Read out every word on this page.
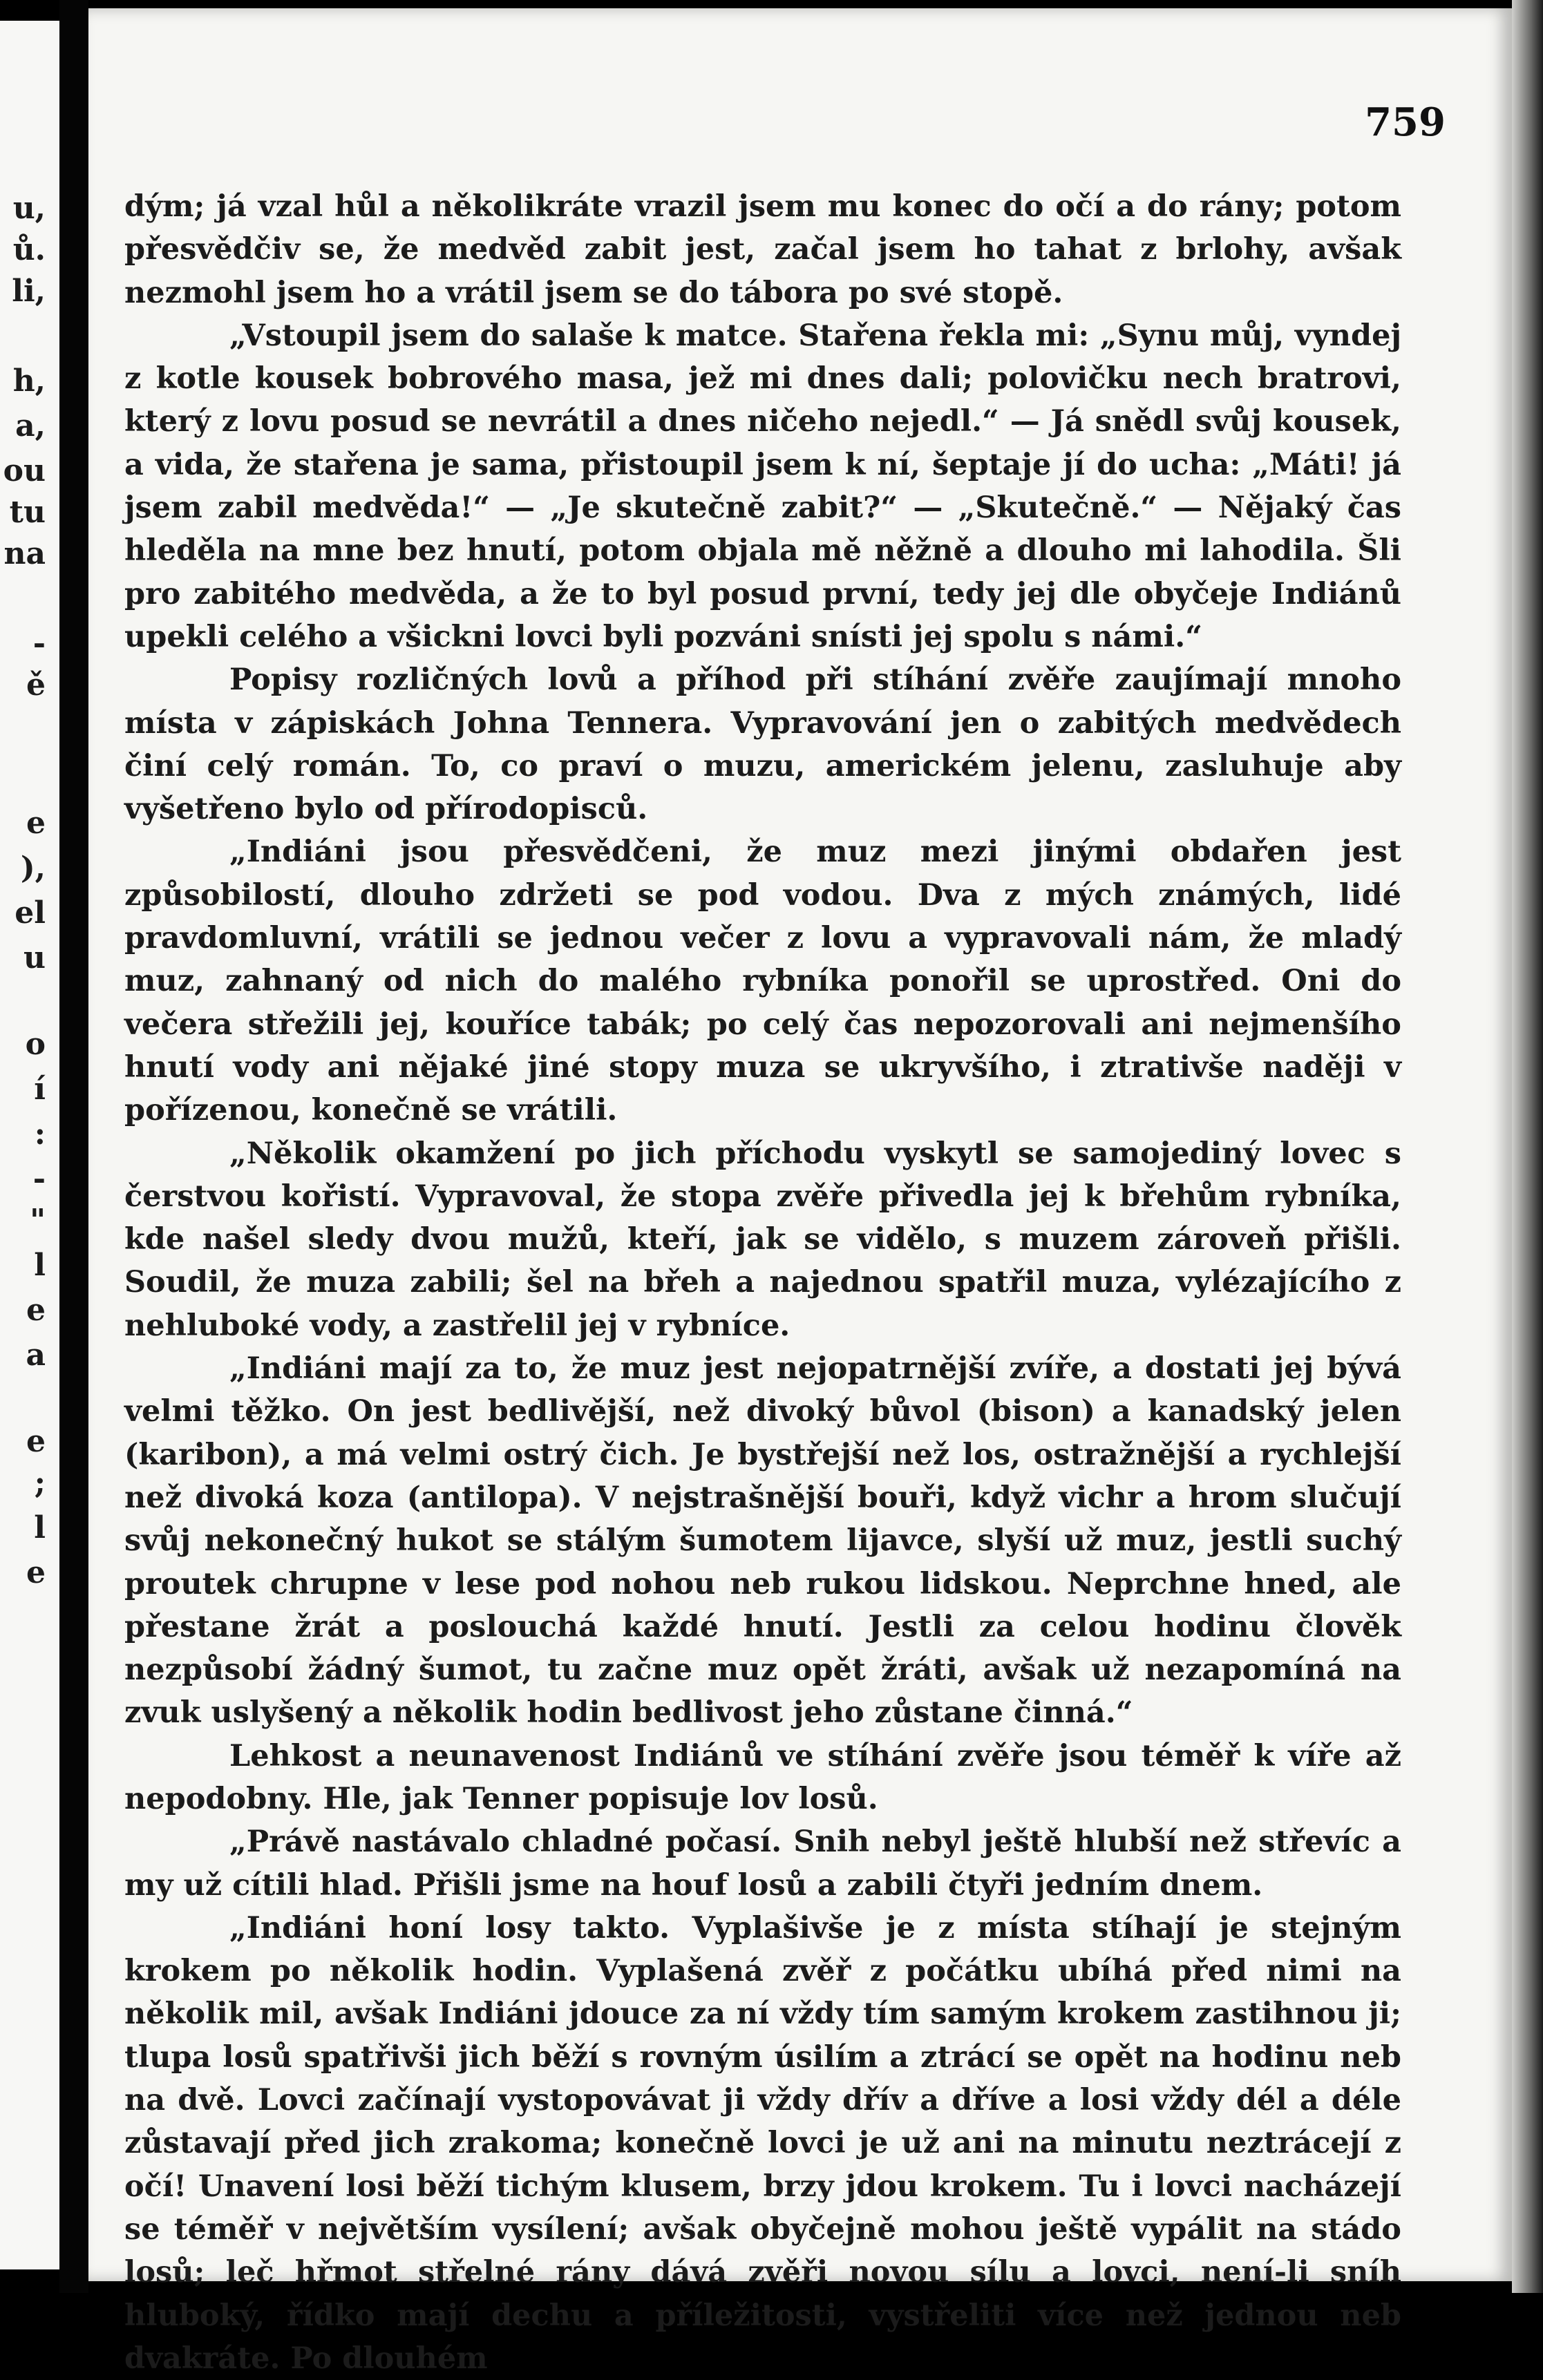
u,
ů.
li,
h,
a,
ou
tu
na
-
ě
e
),
el
u
o
í
:
-
"
l
e
a
e
;
l
e
759

dým; já vzal hůl a několikráte vrazil jsem mu konec do očí a do rány; potom přesvědčiv se, že medvěd zabit jest, začal jsem ho tahat z brlohy, avšak nezmohl jsem ho a vrátil jsem se do tábora po své stopě.

„Vstoupil jsem do salaše k matce. Stařena řekla mi: „Synu můj, vyndej z kotle kousek bobrového masa, jež mi dnes dali; polovičku nech bratrovi, který z lovu posud se nevrátil a dnes ničeho nejedl.“ — Já snědl svůj kousek, a vida, že stařena je sama, přistoupil jsem k ní, šeptaje jí do ucha: „Máti! já jsem zabil medvěda!“ — „Je skutečně zabit?“ — „Skutečně.“ — Nějaký čas hleděla na mne bez hnutí, potom objala mě něžně a dlouho mi lahodila. Šli pro zabitého medvěda, a že to byl posud první, tedy jej dle obyčeje Indiánů upekli celého a všickni lovci byli pozváni snísti jej spolu s námi.“

Popisy rozličných lovů a příhod při stíhání zvěře zaujímají mnoho místa v zápiskách Johna Tennera. Vypravování jen o zabitých medvědech činí celý román. To, co praví o muzu, americkém jelenu, zasluhuje aby vyšetřeno bylo od přírodopisců.

„Indiáni jsou přesvědčeni, že muz mezi jinými obdařen jest způsobilostí, dlouho zdržeti se pod vodou. Dva z mých známých, lidé pravdomluvní, vrátili se jednou večer z lovu a vypravovali nám, že mladý muz, zahnaný od nich do malého rybníka ponořil se uprostřed. Oni do večera střežili jej, kouříce tabák; po celý čas nepozorovali ani nejmenšího hnutí vody ani nějaké jiné stopy muza se ukryvšího, i ztrativše naději v pořízenou, konečně se vrátili.

„Několik okamžení po jich příchodu vyskytl se samojediný lovec s čerstvou kořistí. Vypravoval, že stopa zvěře přivedla jej k břehům rybníka, kde našel sledy dvou mužů, kteří, jak se vidělo, s muzem zároveň přišli. Soudil, že muza zabili; šel na břeh a najednou spatřil muza, vylézajícího z nehluboké vody, a zastřelil jej v rybníce.

„Indiáni mají za to, že muz jest nejopatrnější zvíře, a dostati jej bývá velmi těžko. On jest bedlivější, než divoký bůvol (bison) a kanadský jelen (karibon), a má velmi ostrý čich. Je bystřejší než los, ostražnější a rychlejší než divoká koza (antilopa). V nejstrašnější bouři, když vichr a hrom slučují svůj nekonečný hukot se stálým šumotem lijavce, slyší už muz, jestli suchý proutek chrupne v lese pod nohou neb rukou lidskou. Neprchne hned, ale přestane žrát a poslouchá každé hnutí. Jestli za celou hodinu člověk nezpůsobí žádný šumot, tu začne muz opět žráti, avšak už nezapomíná na zvuk uslyšený a několik hodin bedlivost jeho zůstane činná.“

Lehkost a neunavenost Indiánů ve stíhání zvěře jsou téměř k víře až nepodobny. Hle, jak Tenner popisuje lov losů.

„Právě nastávalo chladné počasí. Snih nebyl ještě hlubší než střevíc a my už cítili hlad. Přišli jsme na houf losů a zabili čtyři jedním dnem.

„Indiáni honí losy takto. Vyplašivše je z místa stíhají je stejným krokem po několik hodin. Vyplašená zvěř z počátku ubíhá před nimi na několik mil, avšak Indiáni jdouce za ní vždy tím samým krokem zastihnou ji; tlupa losů spatřivši jich běží s rovným úsilím a ztrácí se opět na hodinu neb na dvě. Lovci začínají vystopovávat ji vždy dřív a dříve a losi vždy dél a déle zůstavají před jich zrakoma; konečně lovci je už ani na minutu neztrácejí z očí! Unavení losi běží tichým klusem, brzy jdou krokem. Tu i lovci nacházejí se téměř v největším vysílení; avšak obyčejně mohou ještě vypálit na stádo losů; leč hřmot střelné rány dává zvěři novou sílu a lovci, není-li sníh hluboký, řídko mají dechu a příležitosti, vystřeliti více než jednou neb dvakráte. Po dlouhém
